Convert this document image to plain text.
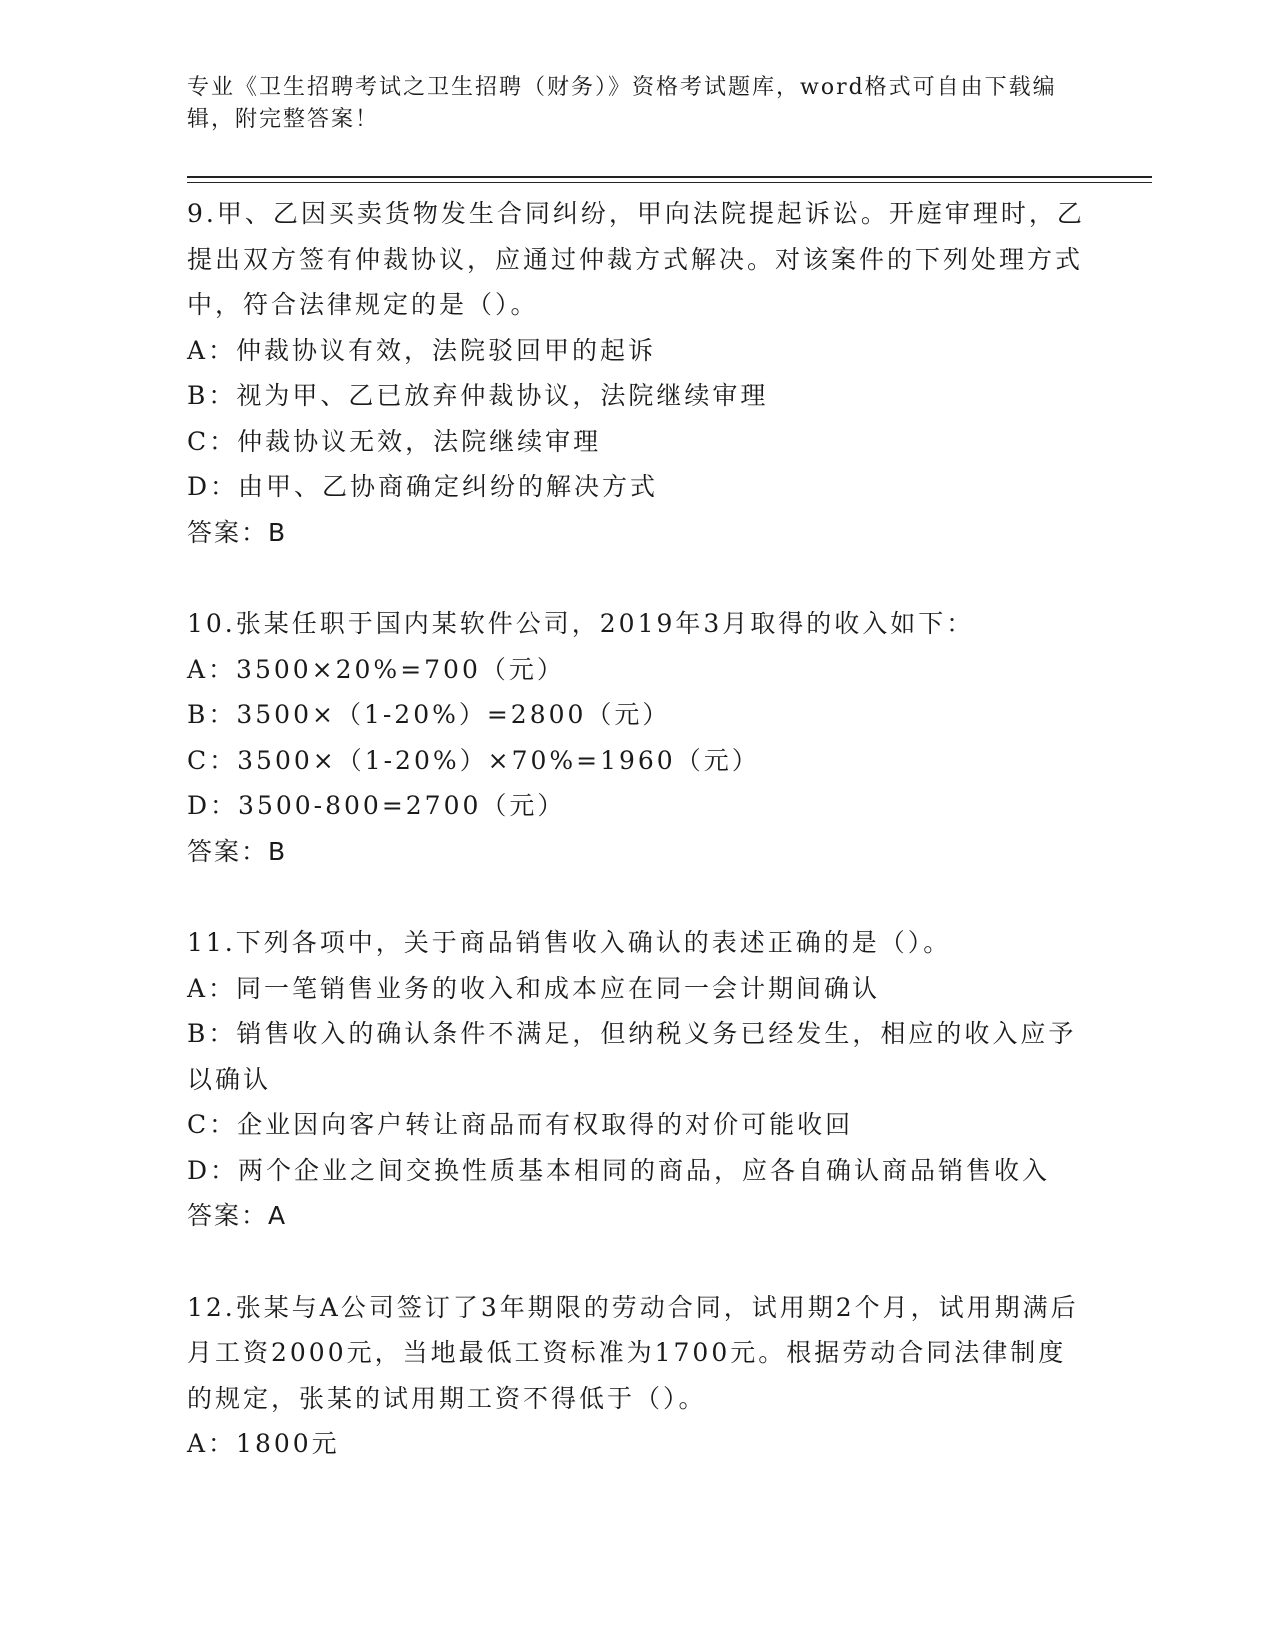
专业《卫生招聘考试之卫生招聘（财务）》资格考试题库，word格式可自由下载编辑，附完整答案！
9.甲、乙因买卖货物发生合同纠纷，甲向法院提起诉讼。开庭审理时，乙提出双方签有仲裁协议，应通过仲裁方式解决。对该案件的下列处理方式中，符合法律规定的是（）。
A：仲裁协议有效，法院驳回甲的起诉
B：视为甲、乙已放弃仲裁协议，法院继续审理
C：仲裁协议无效，法院继续审理
D：由甲、乙协商确定纠纷的解决方式
答案：B
10.张某任职于国内某软件公司，2019年3月取得的收入如下：
A：3500×20%=700（元）
B：3500×（1-20%）=2800（元）
C：3500×（1-20%）×70%=1960（元）
D：3500-800=2700（元）
答案：B
11.下列各项中，关于商品销售收入确认的表述正确的是（）。
A：同一笔销售业务的收入和成本应在同一会计期间确认
B：销售收入的确认条件不满足，但纳税义务已经发生，相应的收入应予以确认
C：企业因向客户转让商品而有权取得的对价可能收回
D：两个企业之间交换性质基本相同的商品，应各自确认商品销售收入
答案：A
12.张某与A公司签订了3年期限的劳动合同，试用期2个月，试用期满后月工资2000元，当地最低工资标准为1700元。根据劳动合同法律制度的规定，张某的试用期工资不得低于（）。
A：1800元
